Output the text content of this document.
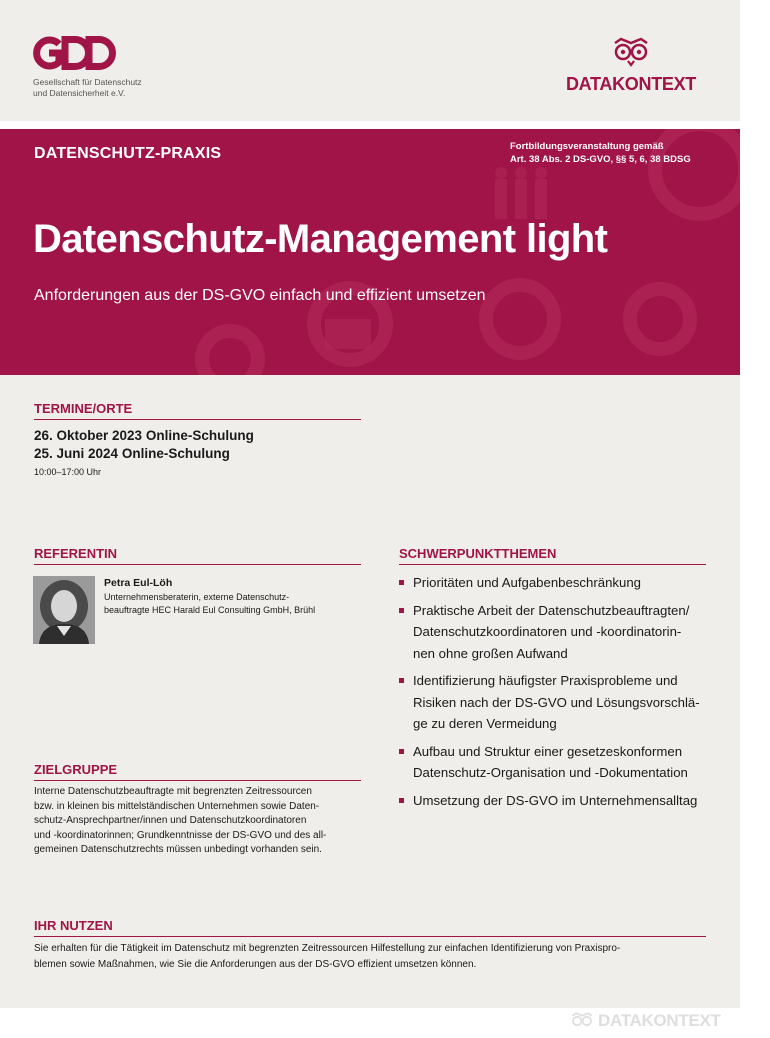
Gesellschaft für Datenschutz
und Datensicherheit e.V.	DATAKONTEXT
DATENSCHUTZ-PRAXIS	Fortbildungsveranstaltung gemäß
Art. 38 Abs. 2 DS-GVO, §§ 5, 6, 38 BDSG
Datenschutz-Management light
Anforderungen aus der DS-GVO einfach und effizient umsetzen
TERMINE/ORTE
26. Oktober 2023 Online-Schulung
25. Juni 2024 Online-Schulung
10:00–17:00 Uhr
REFERENTIN
Petra Eul-Löh
Unternehmensberaterin, externe Datenschutz-
beauftragte HEC Harald Eul Consulting GmbH, Brühl
ZIELGRUPPE
Interne Datenschutzbeauftragte mit begrenzten Zeitressourcen
bzw. in kleinen bis mittelständischen Unternehmen sowie Daten-
schutz-Ansprechpartner/innen und Datenschutzkoordinatoren
und -koordinatorinnen; Grundkenntnisse der DS-GVO und des all-
gemeinen Datenschutzrechts müssen unbedingt vorhanden sein.
SCHWERPUNKTTHEMEN
Prioritäten und Aufgabenbeschränkung
Praktische Arbeit der Datenschutzbeauftragten/
Datenschutzkoordinatoren und -koordinatorin-
nen ohne großen Aufwand
Identifizierung häufigster Praxisprobleme und
Risiken nach der DS-GVO und Lösungsvorschlä-
ge zu deren Vermeidung
Aufbau und Struktur einer gesetzeskonformen
Datenschutz-Organisation und -Dokumentation
Umsetzung der DS-GVO im Unternehmensalltag
IHR NUTZEN
Sie erhalten für die Tätigkeit im Datenschutz mit begrenzten Zeitressourcen Hilfestellung zur einfachen Identifizierung von Praxispro-
blemen sowie Maßnahmen, wie Sie die Anforderungen aus der DS-GVO effizient umsetzen können.
DATAKONTEXT
